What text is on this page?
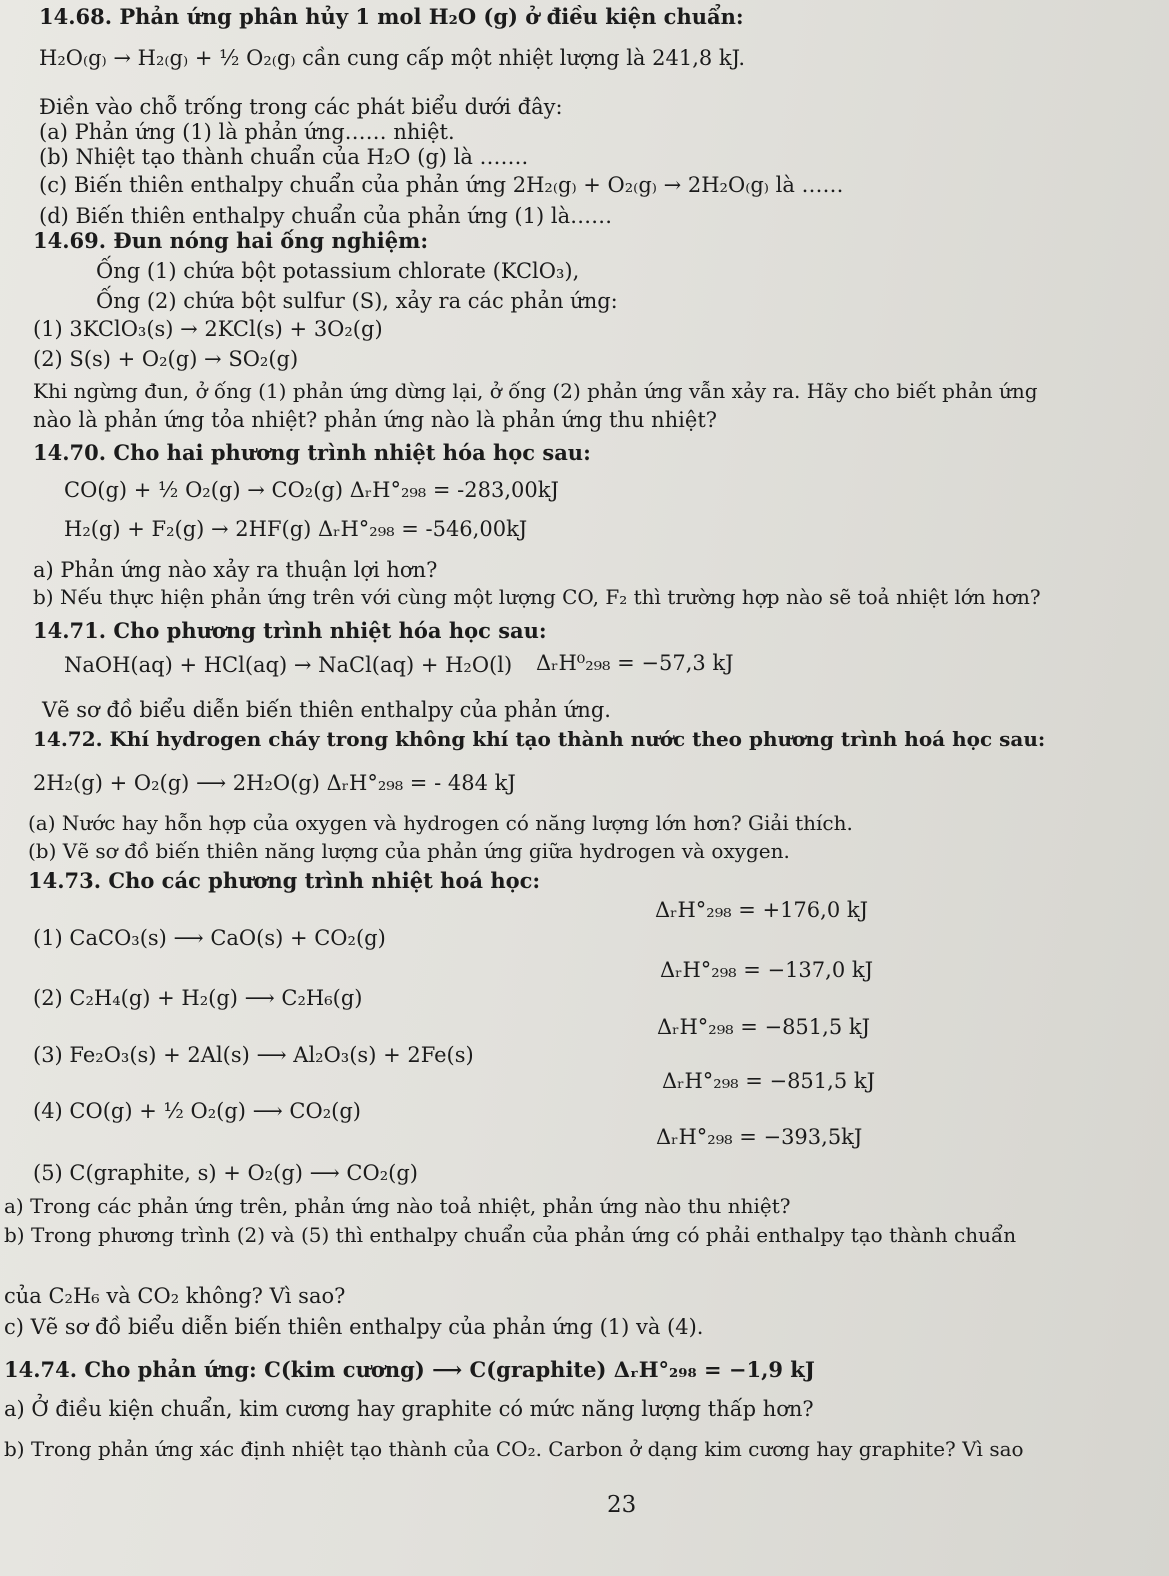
23
14.68. Phản ứng phân hủy 1 mol H₂O (g) ở điều kiện chuẩn:
H₂O₍g₎ → H₂₍g₎ + ½ O₂₍g₎ cần cung cấp một nhiệt lượng là 241,8 kJ.
Điền vào chỗ trống trong các phát biểu dưới đây:
(a) Phản ứng (1) là phản ứng…… nhiệt.
(b) Nhiệt tạo thành chuẩn của H₂O (g) là …….
(c) Biến thiên enthalpy chuẩn của phản ứng 2H₂₍g₎ + O₂₍g₎ → 2H₂O₍g₎ là ……
(d) Biến thiên enthalpy chuẩn của phản ứng (1) là……
14.69. Đun nóng hai ống nghiệm:
Ống (1) chứa bột potassium chlorate (KClO₃),
Ống (2) chứa bột sulfur (S), xảy ra các phản ứng:
(1) 3KClO₃(s) → 2KCl(s) + 3O₂(g)
(2) S(s) + O₂(g) → SO₂(g)
Khi ngừng đun, ở ống (1) phản ứng dừng lại, ở ống (2) phản ứng vẫn xảy ra. Hãy cho biết phản ứng
nào là phản ứng tỏa nhiệt? phản ứng nào là phản ứng thu nhiệt?
14.70. Cho hai phương trình nhiệt hóa học sau:
CO(g) + ½ O₂(g) → CO₂(g) ΔᵣH°₂₉₈ = -283,00kJ
H₂(g) + F₂(g) → 2HF(g) ΔᵣH°₂₉₈ = -546,00kJ
a) Phản ứng nào xảy ra thuận lợi hơn?
b) Nếu thực hiện phản ứng trên với cùng một lượng CO, F₂ thì trường hợp nào sẽ toả nhiệt lớn hơn?
14.71. Cho phương trình nhiệt hóa học sau:
NaOH(aq) + HCl(aq) → NaCl(aq) + H₂O(l) ΔᵣH⁰₂₉₈ = −57,3 kJ
Vẽ sơ đồ biểu diễn biến thiên enthalpy của phản ứng.
14.72. Khí hydrogen cháy trong không khí tạo thành nước theo phương trình hoá học sau:
2H₂(g) + O₂(g) ⟶ 2H₂O(g) ΔᵣH°₂₉₈ = - 484 kJ
(a) Nước hay hỗn hợp của oxygen và hydrogen có năng lượng lớn hơn? Giải thích.
(b) Vẽ sơ đồ biến thiên năng lượng của phản ứng giữa hydrogen và oxygen.
14.73. Cho các phương trình nhiệt hoá học:
ΔᵣH°₂₉₈ = +176,0 kJ
(1) CaCO₃(s) ⟶ CaO(s) + CO₂(g)
ΔᵣH°₂₉₈ = −137,0 kJ
(2) C₂H₄(g) + H₂(g) ⟶ C₂H₆(g)
(3) Fe₂O₃(s) + 2Al(s) ⟶ Al₂O₃(s) + 2Fe(s)
ΔᵣH°₂₉₈ = −851,5 kJ
ΔᵣH°₂₉₈ = −851,5 kJ
(4) CO(g) + ½ O₂(g) ⟶ CO₂(g)
ΔᵣH°₂₉₈ = −393,5kJ
(5) C(graphite, s) + O₂(g) ⟶ CO₂(g)
a) Trong các phản ứng trên, phản ứng nào toả nhiệt, phản ứng nào thu nhiệt?
b) Trong phương trình (2) và (5) thì enthalpy chuẩn của phản ứng có phải enthalpy tạo thành chuẩn
của C₂H₆ và CO₂ không? Vì sao?
c) Vẽ sơ đồ biểu diễn biến thiên enthalpy của phản ứng (1) và (4).
14.74. Cho phản ứng: C(kim cương) ⟶ C(graphite) ΔᵣH°₂₉₈ = −1,9 kJ
a) Ở điều kiện chuẩn, kim cương hay graphite có mức năng lượng thấp hơn?
b) Trong phản ứng xác định nhiệt tạo thành của CO₂. Carbon ở dạng kim cương hay graphite? Vì sao
